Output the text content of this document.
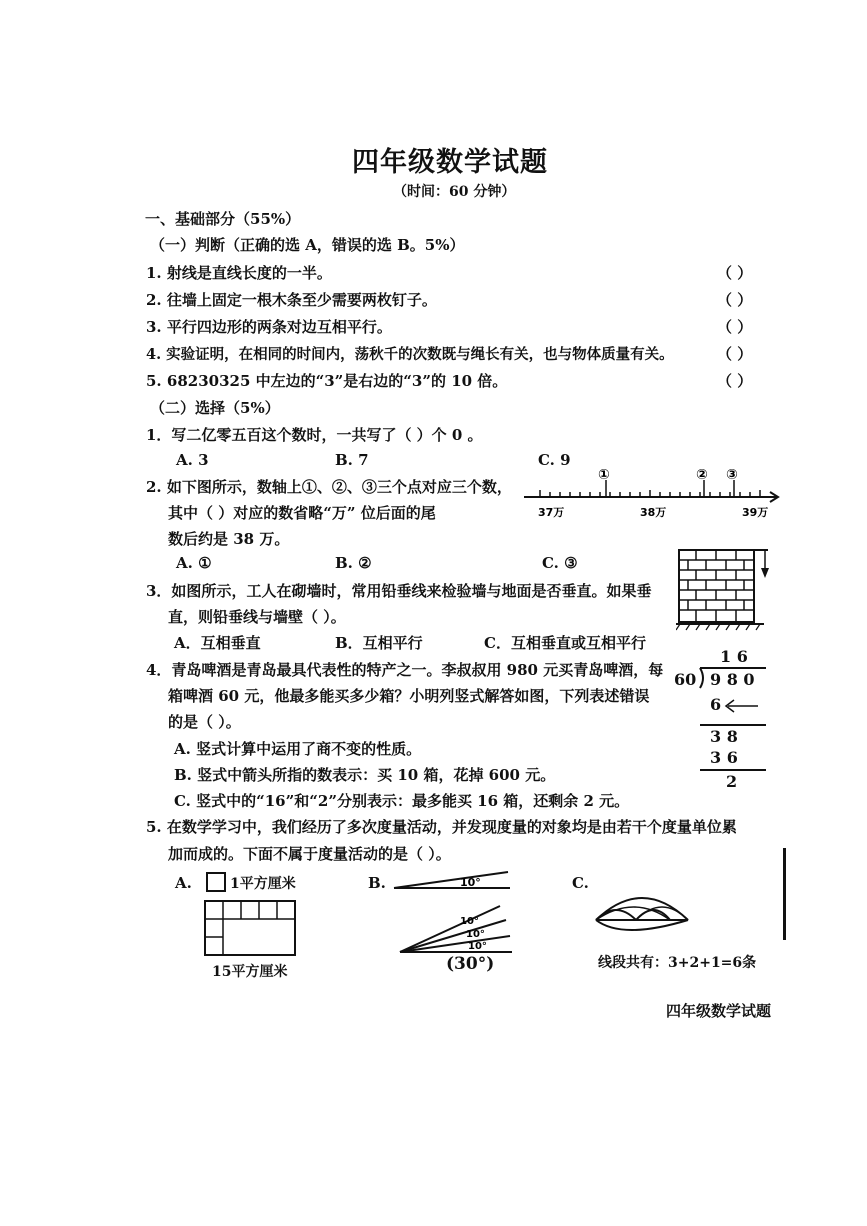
四年级数学试题
（时间：60 分钟）
一、基础部分（55%）
（一）判断（正确的选 A，错误的选 B。5%）
1. 射线是直线长度的一半。	（ ）
2. 往墙上固定一根木条至少需要两枚钉子。	（ ）
3. 平行四边形的两条对边互相平行。	（ ）
4. 实验证明，在相同的时间内，荡秋千的次数既与绳长有关，也与物体质量有关。	（ ）
5. 68230325 中左边的“3”是右边的“3”的 10 倍。	（ ）
（二）选择（5%）
1．写二亿零五百这个数时，一共写了（ ）个 0 。
A. 3	B. 7	C. 9
2. 如下图所示，数轴上①、②、③三个点对应三个数，
其中（ ）对应的数省略“万” 位后面的尾
数后约是 38 万。
A. ①	B. ②	C. ③
①	② ③
37万	38万	39万
3．如图所示，工人在砌墙时，常用铅垂线来检验墙与地面是否垂直。如果垂
直，则铅垂线与墙壁（ ）。
A．互相垂直	B．互相平行	C．互相垂直或互相平行
4．青岛啤酒是青岛最具代表性的特产之一。李叔叔用 980 元买青岛啤酒，每
箱啤酒 60 元，他最多能买多少箱？小明列竖式解答如图，下列表述错误
的是（ ）。
A. 竖式计算中运用了商不变的性质。
B. 竖式中箭头所指的数表示：买 10 箱，花掉 600 元。
C. 竖式中的“16”和“2”分别表示：最多能买 16 箱，还剩余 2 元。
1 6
60 9 8 0
6
3 8
3 6
2
5. 在数学学习中，我们经历了多次度量活动，并发现度量的对象均是由若干个度量单位累
加而成的。下面不属于度量活动的是（ ）。
A.	1平方厘米
15平方厘米
B.	10°
10°
10°
10°
(30°)
C.
线段共有：3+2+1=6条
四年级数学试题
